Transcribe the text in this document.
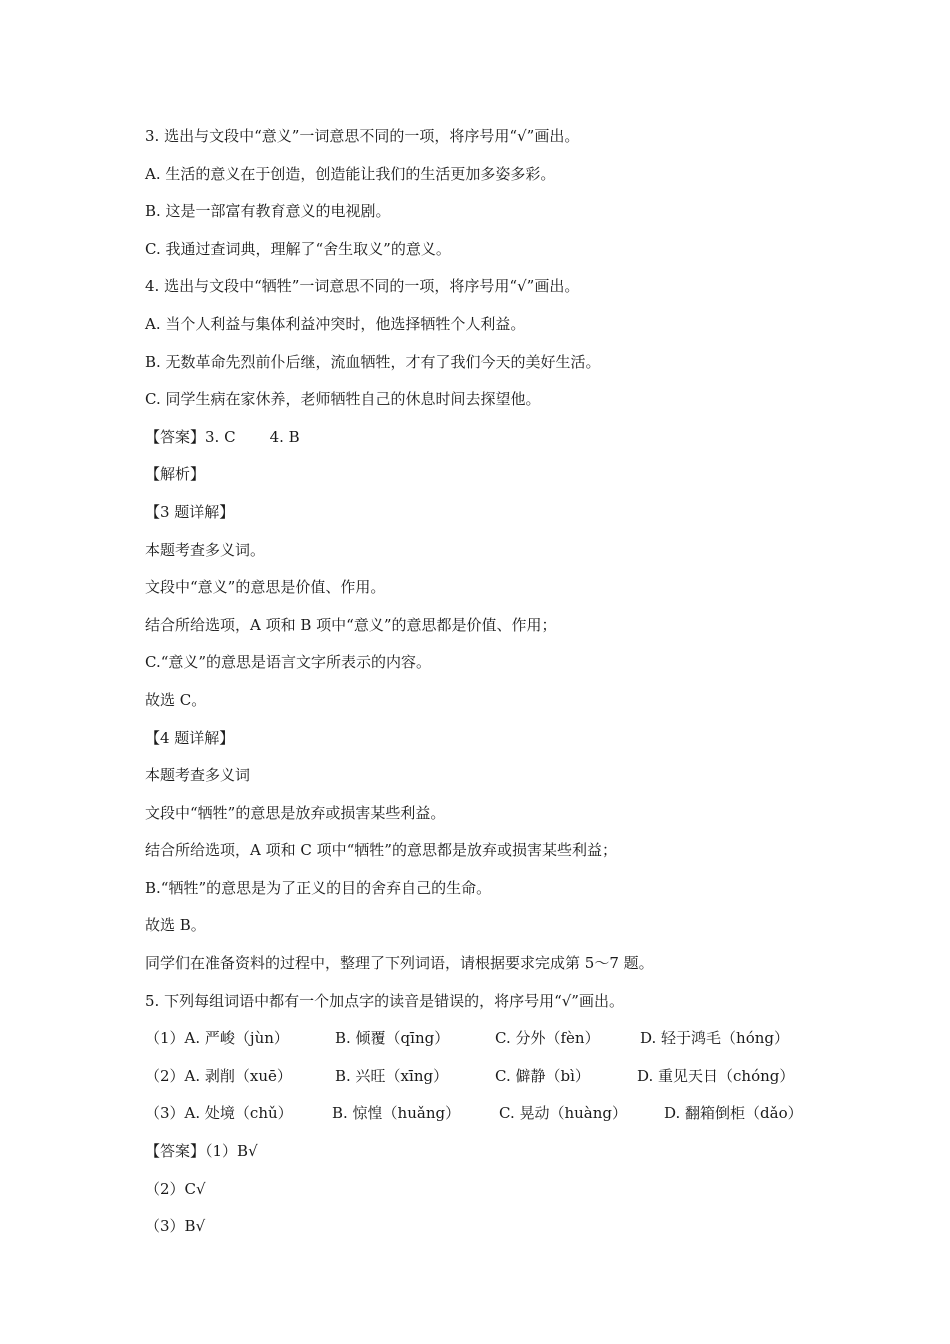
3. 选出与文段中“意义”一词意思不同的一项，将序号用“√”画出。
A. 生活的意义在于创造，创造能让我们的生活更加多姿多彩。
B. 这是一部富有教育意义的电视剧。
C. 我通过查词典，理解了“舍生取义”的意义。
4. 选出与文段中“牺牲”一词意思不同的一项，将序号用“√”画出。
A. 当个人利益与集体利益冲突时，他选择牺牲个人利益。
B. 无数革命先烈前仆后继，流血牺牲，才有了我们今天的美好生活。
C. 同学生病在家休养，老师牺牲自己的休息时间去探望他。
【答案】3. C 4. B
【解析】
【3 题详解】
本题考查多义词。
文段中“意义”的意思是价值、作用。
结合所给选项，A 项和 B 项中“意义”的意思都是价值、作用；
C.“意义”的意思是语言文字所表示的内容。
故选 C。
【4 题详解】
本题考查多义词
文段中“牺牲”的意思是放弃或损害某些利益。
结合所给选项，A 项和 C 项中“牺牲”的意思都是放弃或损害某些利益；
B.“牺牲”的意思是为了正义的目的舍弃自己的生命。
故选 B。
同学们在准备资料的过程中，整理了下列词语，请根据要求完成第 5～7 题。
5. 下列每组词语中都有一个加点字的读音是错误的，将序号用“√”画出。
（1）A. 严峻（jùn）	B. 倾覆（qīng）	C. 分外（fèn）	D. 轻于鸿毛（hóng）
（2）A. 剥削（xuē）	B. 兴旺（xīng）	C. 僻静（bì）	D. 重见天日（chóng）
（3）A. 处境（chǔ）	B. 惊惶（huǎng）	C. 晃动（huàng） D. 翻箱倒柜（dǎo）
【答案】（1）B√
（2）C√
（3）B√
